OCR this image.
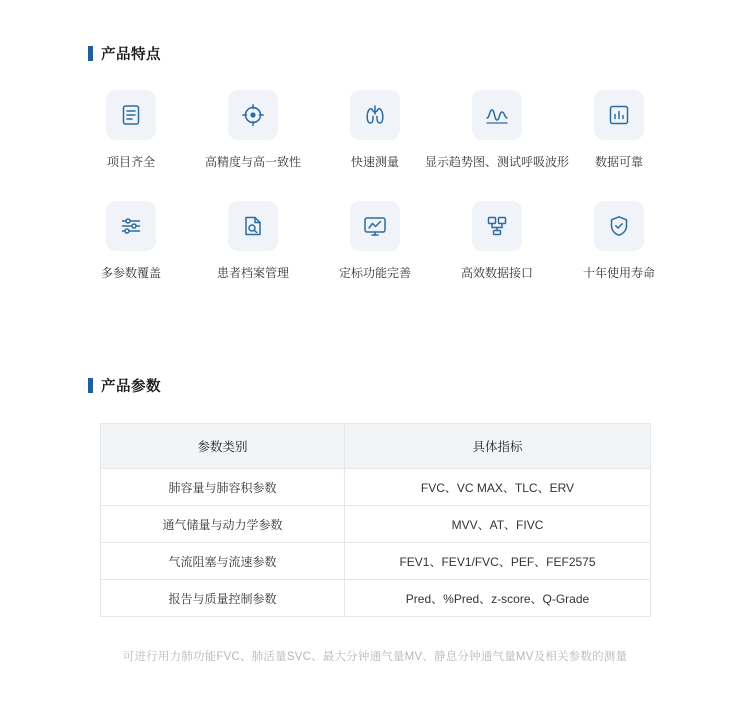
产品特点
项目齐全	高精度与高一致性	快速测量 显示趋势图、测试呼吸波形 数据可靠
多参数覆盖	患者档案管理	定标功能完善	高效数据接口	十年使用寿命
产品参数
参数类别	具体指标
肺容量与肺容积参数	FVC、VC MAX、TLC、ERV
通气储量与动力学参数	MVV、AT、FIVC
气流阻塞与流速参数	FEV1、FEV1/FVC、PEF、FEF2575
报告与质量控制参数	Pred、%Pred、z-score、Q-Grade
可进行用力肺功能FVC、肺活量SVC、最大分钟通气量MV、静息分钟通气量MV及相关参数的测量
